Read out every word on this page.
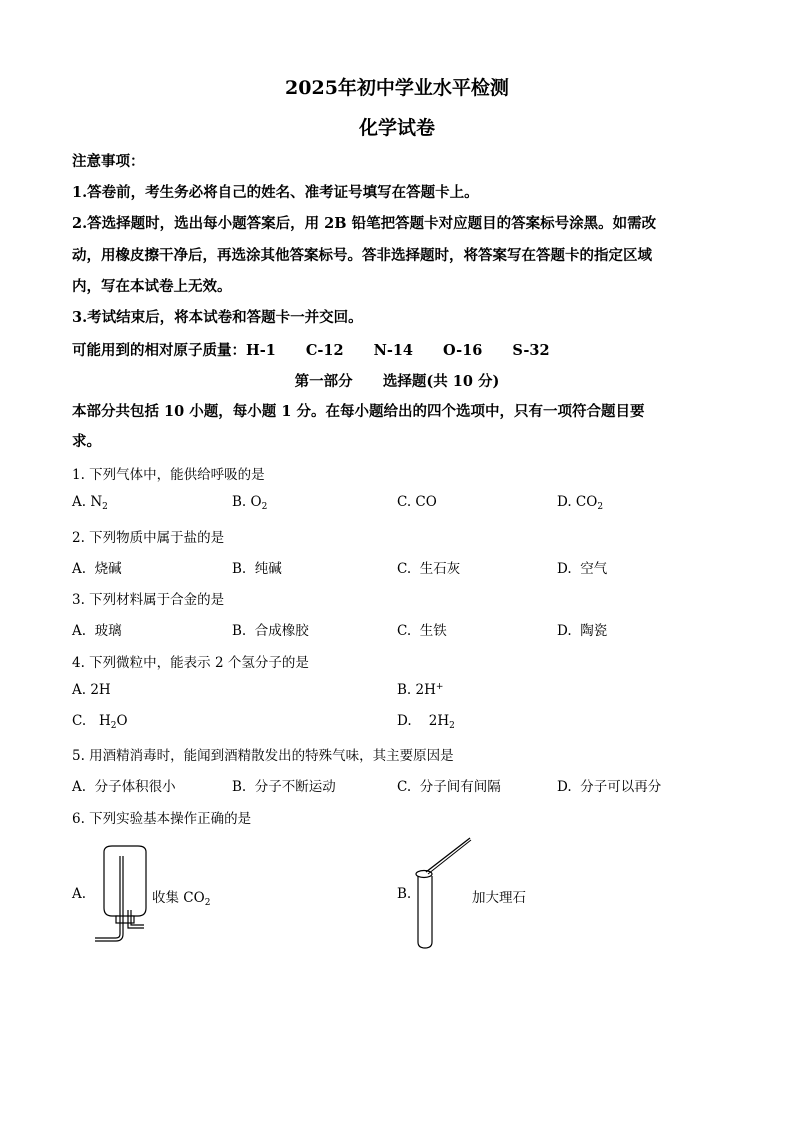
2025年初中学业水平检测
化学试卷
注意事项：
1.答卷前，考生务必将自己的姓名、准考证号填写在答题卡上。
2.答选择题时，选出每小题答案后，用 2B 铅笔把答题卡对应题目的答案标号涂黑。如需改
动，用橡皮擦干净后，再选涂其他答案标号。答非选择题时，将答案写在答题卡的指定区域
内，写在本试卷上无效。
3.考试结束后，将本试卷和答题卡一并交回。
可能用到的相对原子质量：H-1 C-12 N-14 O-16 S-32
第一部分      选择题(共 10 分)
本部分共包括 10 小题，每小题 1 分。在每小题给出的四个选项中，只有一项符合题目要
求。
1. 下列气体中，能供给呼吸的是
A. $N_2$	B. $O_2$	C. CO	D. $CO_2$
2. 下列物质中属于盐的是
A.  烧碱	B.  纯碱	C.  生石灰	D.  空气
3. 下列材料属于合金的是
A.  玻璃	B.  合成橡胶	C.  生铁	D.  陶瓷
4. 下列微粒中，能表示 2 个氢分子的是
A. 2H	B. 2H+
C.   $H_2O$	D.    $2H_2$
5. 用酒精消毒时，能闻到酒精散发出的特殊气味，其主要原因是
A.  分子体积很小	B.  分子不断运动	C.  分子间有间隔	D.  分子可以再分
6. 下列实验基本操作正确的是
A.	收集 $CO_2$
B.	加大理石
